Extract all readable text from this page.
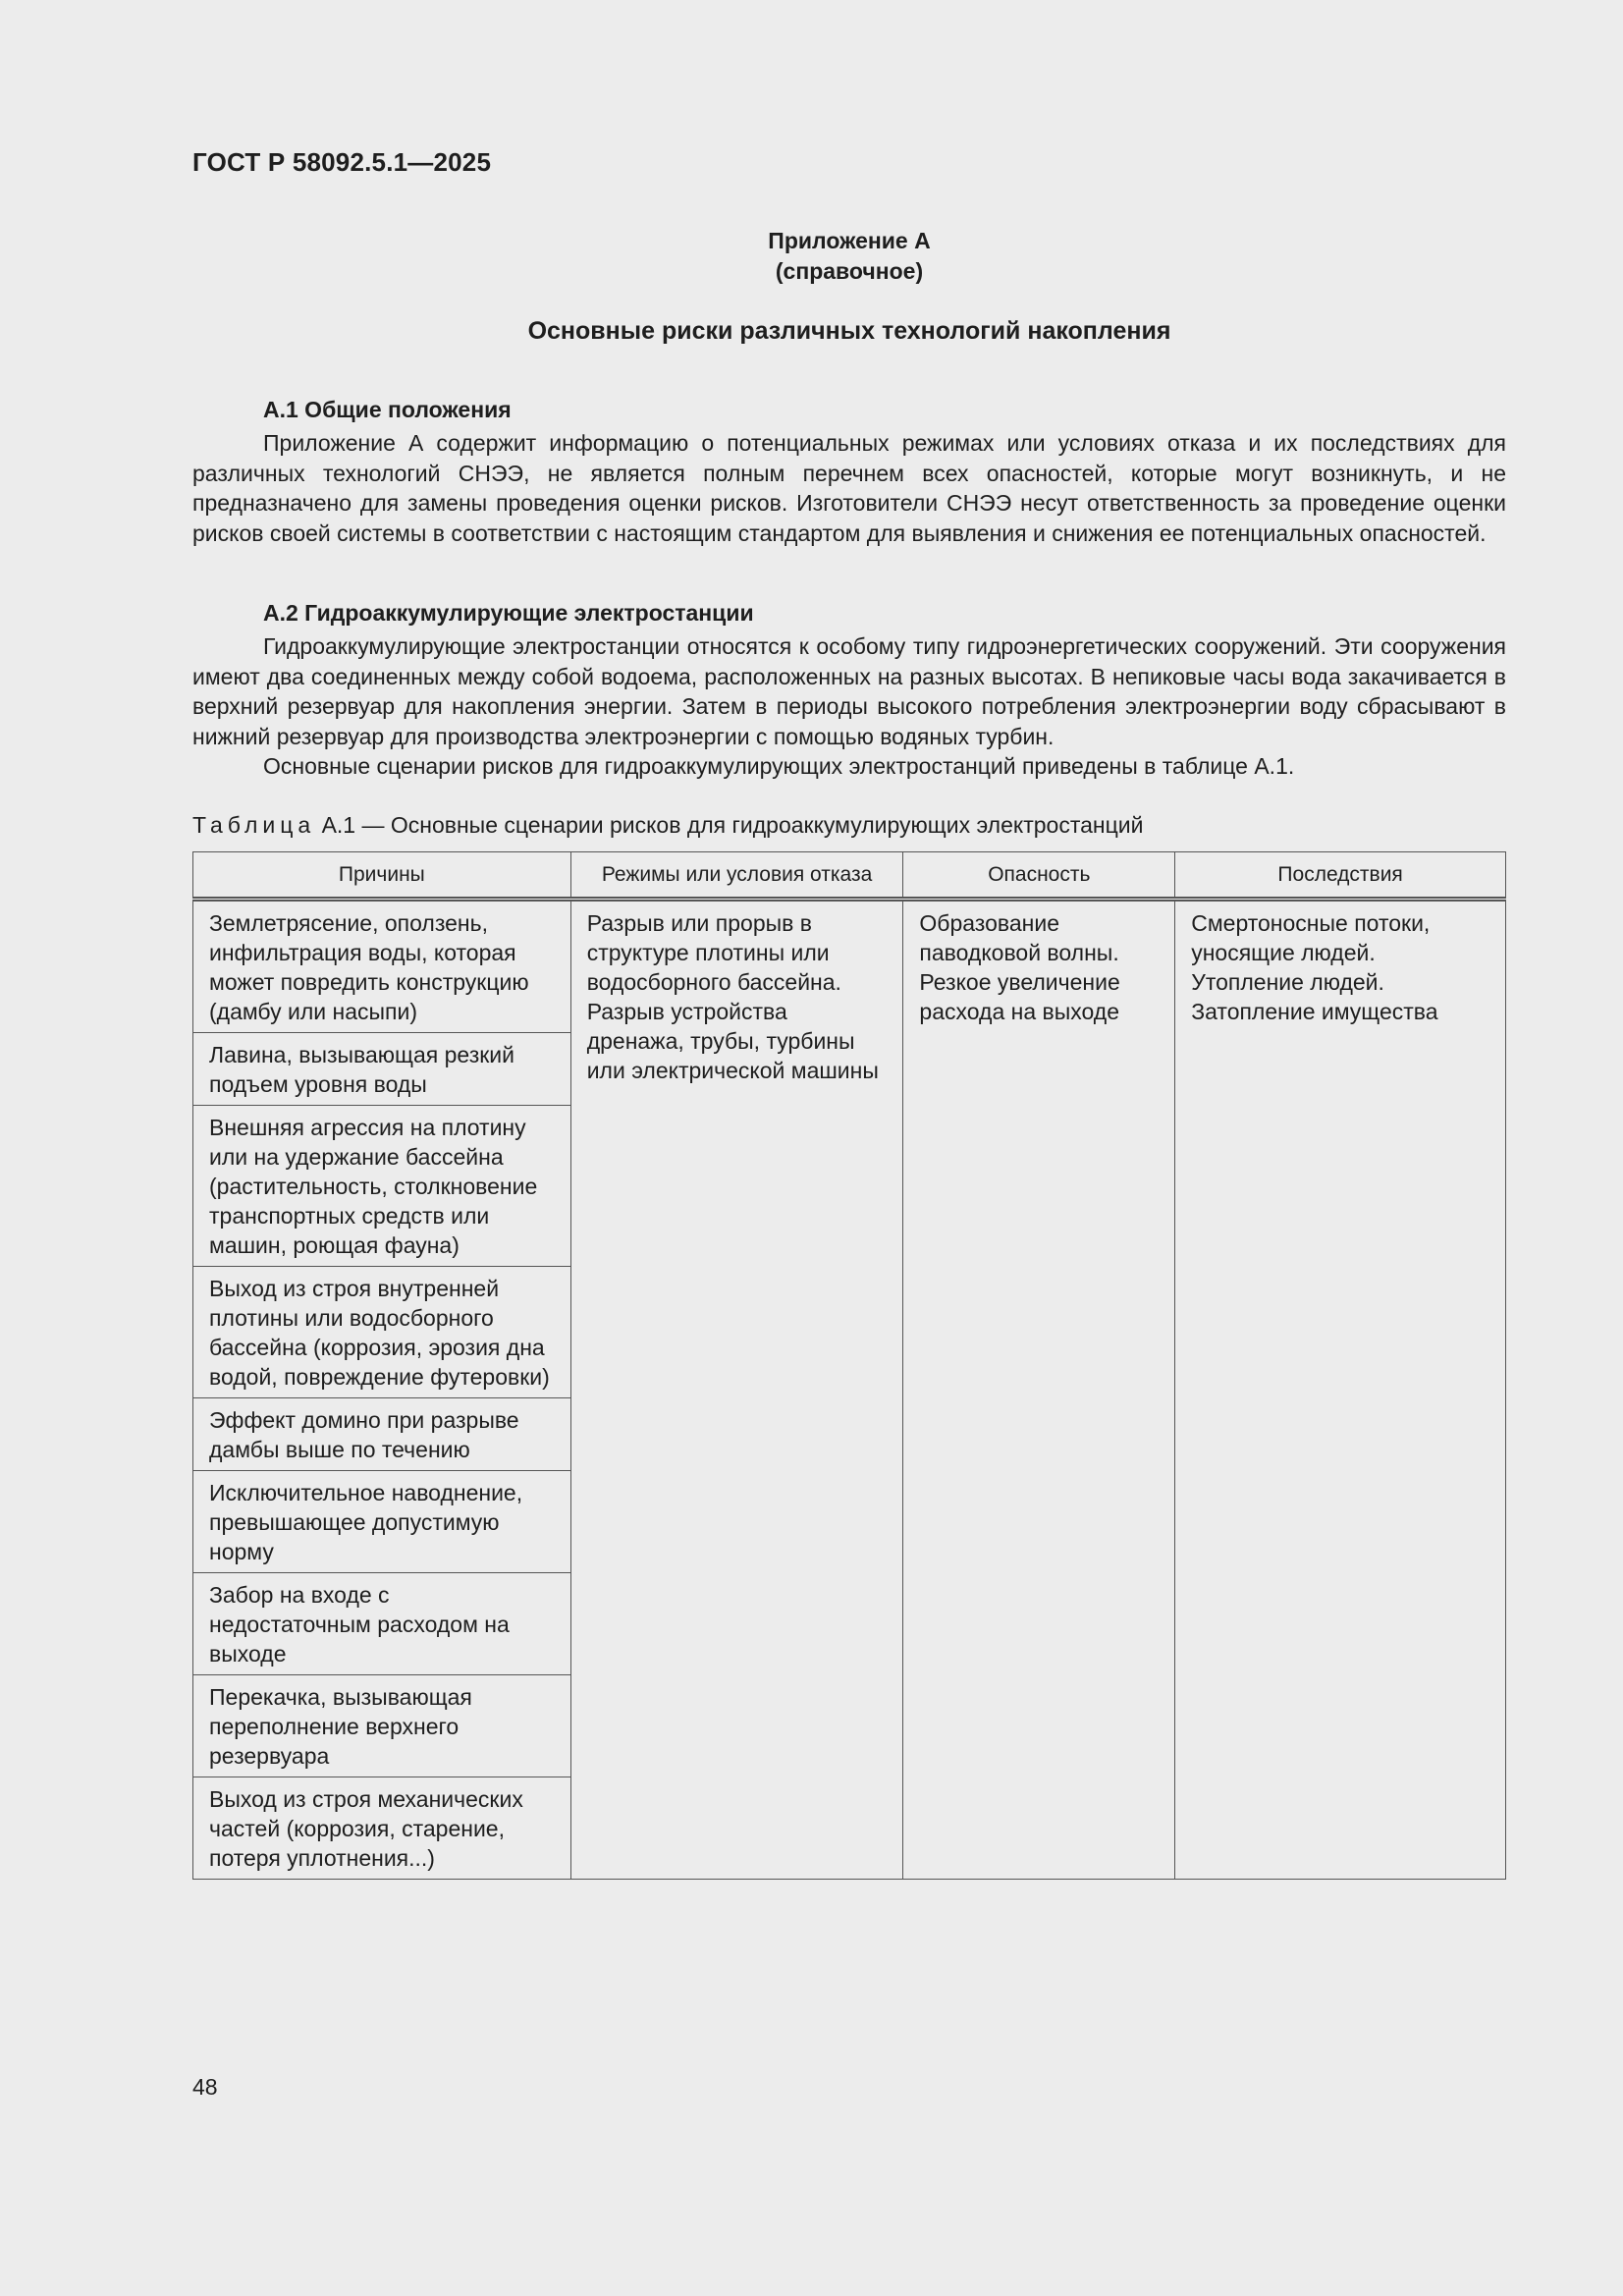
ГОСТ Р 58092.5.1—2025
Приложение А
(справочное)
Основные риски различных технологий накопления
А.1 Общие положения

Приложение А содержит информацию о потенциальных режимах или условиях отказа и их последствиях для различных технологий СНЭЭ, не является полным перечнем всех опасностей, которые могут возникнуть, и не предназначено для замены проведения оценки рисков. Изготовители СНЭЭ несут ответственность за проведение оценки рисков своей системы в соответствии с настоящим стандартом для выявления и снижения ее потенциальных опасностей.

А.2 Гидроаккумулирующие электростанции

Гидроаккумулирующие электростанции относятся к особому типу гидроэнергетических сооружений. Эти сооружения имеют два соединенных между собой водоема, расположенных на разных высотах. В непиковые часы вода закачивается в верхний резервуар для накопления энергии. Затем в периоды высокого потребления электроэнергии воду сбрасывают в нижний резервуар для производства электроэнергии с помощью водяных турбин.

Основные сценарии рисков для гидроаккумулирующих электростанций приведены в таблице А.1.

Таблица А.1 — Основные сценарии рисков для гидроаккумулирующих электростанций
Причины	Режимы или условия отказа	Опасность	Последствия
Землетрясение, оползень, инфильтрация воды, которая может повредить конструкцию (дамбу или насыпи)	Разрыв или прорыв в структуре плотины или водосборного бассейна. Разрыв устройства дренажа, трубы, турбины или электрической машины	Образование паводковой волны. Резкое увеличение расхода на выходе	Смертоносные потоки, уносящие людей. Утопление людей. Затопление имущества
Лавина, вызывающая резкий подъем уровня воды			
Внешняя агрессия на плотину или на удержание бассейна (растительность, столкновение транспортных средств или машин, роющая фауна)			
Выход из строя внутренней плотины или водосборного бассейна (коррозия, эрозия дна водой, повреждение футеровки)			
Эффект домино при разрыве дамбы выше по течению			
Исключительное наводнение, превышающее допустимую норму			
Забор на входе с недостаточным расходом на выходе			
Перекачка, вызывающая переполнение верхнего резервуара			
Выход из строя механических частей (коррозия, старение, потеря уплотнения...)			
48
